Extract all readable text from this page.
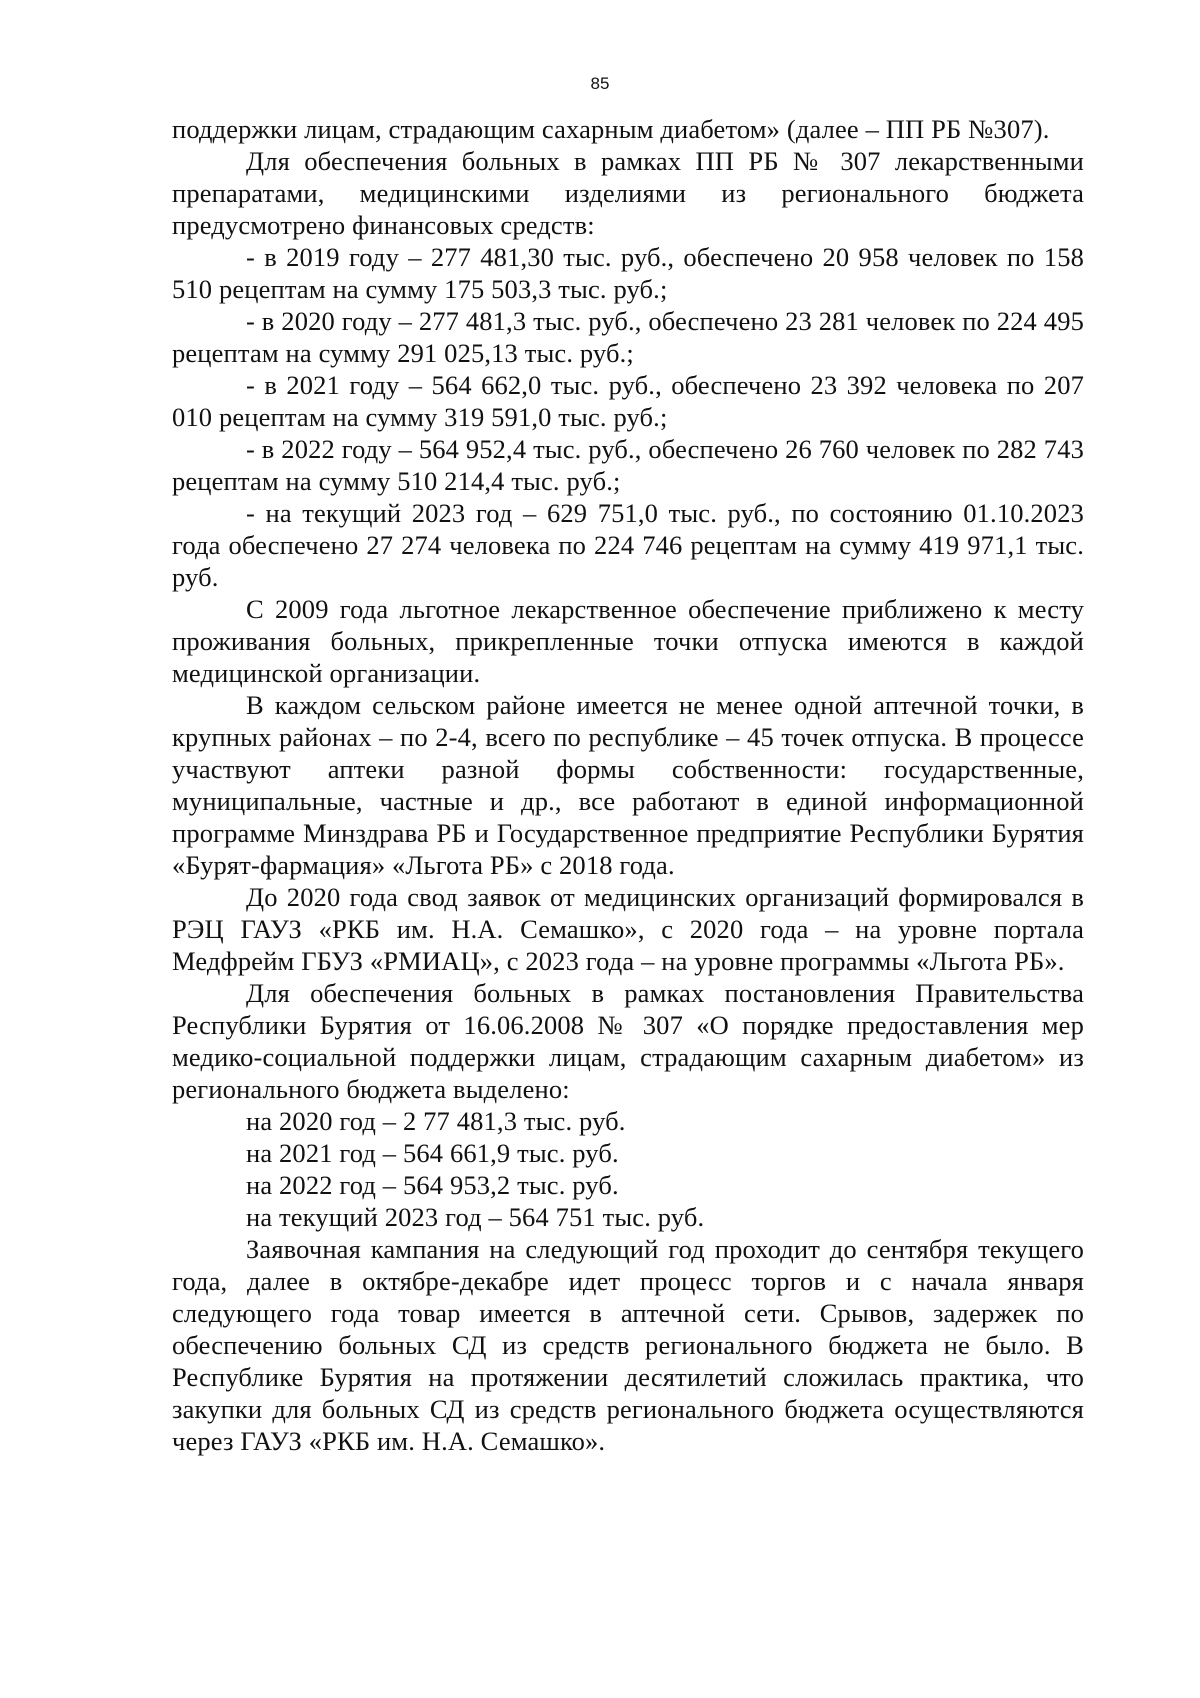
85

поддержки лицам, страдающим сахарным диабетом» (далее – ПП РБ №307).

Для обеспечения больных в рамках ПП РБ № 307 лекарственными препаратами, медицинскими изделиями из регионального бюджета предусмотрено финансовых средств:

- в 2019 году – 277 481,30 тыс. руб., обеспечено 20 958 человек по 158 510 рецептам на сумму 175 503,3 тыс. руб.;

- в 2020 году – 277 481,3 тыс. руб., обеспечено 23 281 человек по 224 495 рецептам на сумму 291 025,13 тыс. руб.;

- в 2021 году – 564 662,0 тыс. руб., обеспечено 23 392 человека по 207 010 рецептам на сумму 319 591,0 тыс. руб.;

- в 2022 году – 564 952,4 тыс. руб., обеспечено 26 760 человек по 282 743 рецептам на сумму 510 214,4 тыс. руб.;

- на текущий 2023 год – 629 751,0 тыс. руб., по состоянию 01.10.2023 года обеспечено 27 274 человека по 224 746 рецептам на сумму 419 971,1 тыс. руб.

С 2009 года льготное лекарственное обеспечение приближено к месту проживания больных, прикрепленные точки отпуска имеются в каждой медицинской организации.

В каждом сельском районе имеется не менее одной аптечной точки, в крупных районах – по 2-4, всего по республике – 45 точек отпуска. В процессе участвуют аптеки разной формы собственности: государственные, муниципальные, частные и др., все работают в единой информационной программе Минздрава РБ и Государственное предприятие Республики Бурятия «Бурят-фармация» «Льгота РБ» с 2018 года.

До 2020 года свод заявок от медицинских организаций формировался в РЭЦ ГАУЗ «РКБ им. Н.А. Семашко», с 2020 года – на уровне портала Медфрейм ГБУЗ «РМИАЦ», с 2023 года – на уровне программы «Льгота РБ».

Для обеспечения больных в рамках постановления Правительства Республики Бурятия от 16.06.2008 № 307 «О порядке предоставления мер медико-социальной поддержки лицам, страдающим сахарным диабетом» из регионального бюджета выделено:

на 2020 год – 2 77 481,3 тыс. руб.

на 2021 год – 564 661,9 тыс. руб.

на 2022 год – 564 953,2 тыс. руб.

на текущий 2023 год – 564 751 тыс. руб.

Заявочная кампания на следующий год проходит до сентября текущего года, далее в октябре-декабре идет процесс торгов и с начала января следующего года товар имеется в аптечной сети. Срывов, задержек по обеспечению больных СД из средств регионального бюджета не было. В Республике Бурятия на протяжении десятилетий сложилась практика, что закупки для больных СД из средств регионального бюджета осуществляются через ГАУЗ «РКБ им. Н.А. Семашко».
